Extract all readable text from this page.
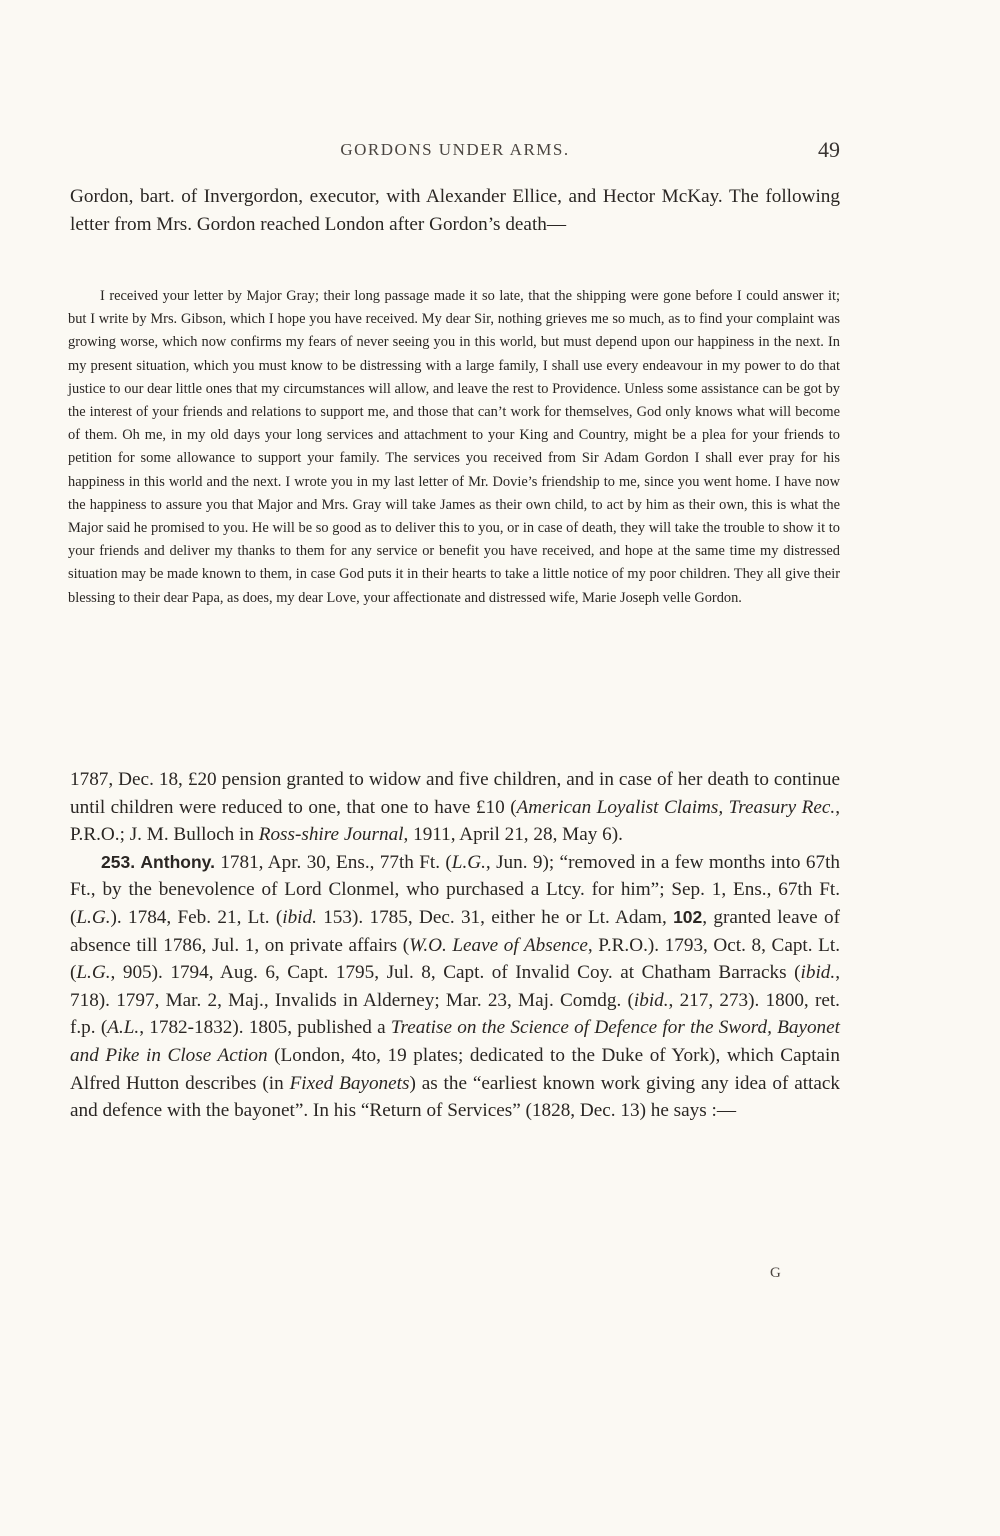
GORDONS UNDER ARMS.	49

Gordon, bart. of Invergordon, executor, with Alexander Ellice, and Hector McKay. The following letter from Mrs. Gordon reached London after Gordon’s death—

I received your letter by Major Gray; their long passage made it so late, that the shipping were gone before I could answer it; but I write by Mrs. Gibson, which I hope you have received. My dear Sir, nothing grieves me so much, as to find your complaint was growing worse, which now confirms my fears of never seeing you in this world, but must depend upon our happiness in the next. In my present situation, which you must know to be distressing with a large family, I shall use every endeavour in my power to do that justice to our dear little ones that my circumstances will allow, and leave the rest to Providence. Unless some assistance can be got by the interest of your friends and relations to support me, and those that can’t work for themselves, God only knows what will become of them. Oh me, in my old days your long services and attachment to your King and Country, might be a plea for your friends to petition for some allowance to support your family. The services you received from Sir Adam Gordon I shall ever pray for his happiness in this world and the next. I wrote you in my last letter of Mr. Dovie’s friendship to me, since you went home. I have now the happiness to assure you that Major and Mrs. Gray will take James as their own child, to act by him as their own, this is what the Major said he promised to you. He will be so good as to deliver this to you, or in case of death, they will take the trouble to show it to your friends and deliver my thanks to them for any service or benefit you have received, and hope at the same time my distressed situation may be made known to them, in case God puts it in their hearts to take a little notice of my poor children. They all give their blessing to their dear Papa, as does, my dear Love, your affectionate and distressed wife, Marie Joseph velle Gordon.

1787, Dec. 18, £20 pension granted to widow and five children, and in case of her death to continue until children were reduced to one, that one to have £10 (American Loyalist Claims, Treasury Rec., P.R.O.; J. M. Bulloch in Ross-shire Journal, 1911, April 21, 28, May 6).

253. Anthony. 1781, Apr. 30, Ens., 77th Ft. (L.G., Jun. 9); “removed in a few months into 67th Ft., by the benevolence of Lord Clonmel, who purchased a Ltcy. for him”; Sep. 1, Ens., 67th Ft. (L.G.). 1784, Feb. 21, Lt. (ibid. 153). 1785, Dec. 31, either he or Lt. Adam, 102, granted leave of absence till 1786, Jul. 1, on private affairs (W.O. Leave of Absence, P.R.O.). 1793, Oct. 8, Capt. Lt. (L.G., 905). 1794, Aug. 6, Capt. 1795, Jul. 8, Capt. of Invalid Coy. at Chatham Barracks (ibid., 718). 1797, Mar. 2, Maj., Invalids in Alderney; Mar. 23, Maj. Comdg. (ibid., 217, 273). 1800, ret. f.p. (A.L., 1782-1832). 1805, published a Treatise on the Science of Defence for the Sword, Bayonet and Pike in Close Action (London, 4to, 19 plates; dedicated to the Duke of York), which Captain Alfred Hutton describes (in Fixed Bayonets) as the “earliest known work giving any idea of attack and defence with the bayonet”. In his “Return of Services” (1828, Dec. 13) he says :—

G
